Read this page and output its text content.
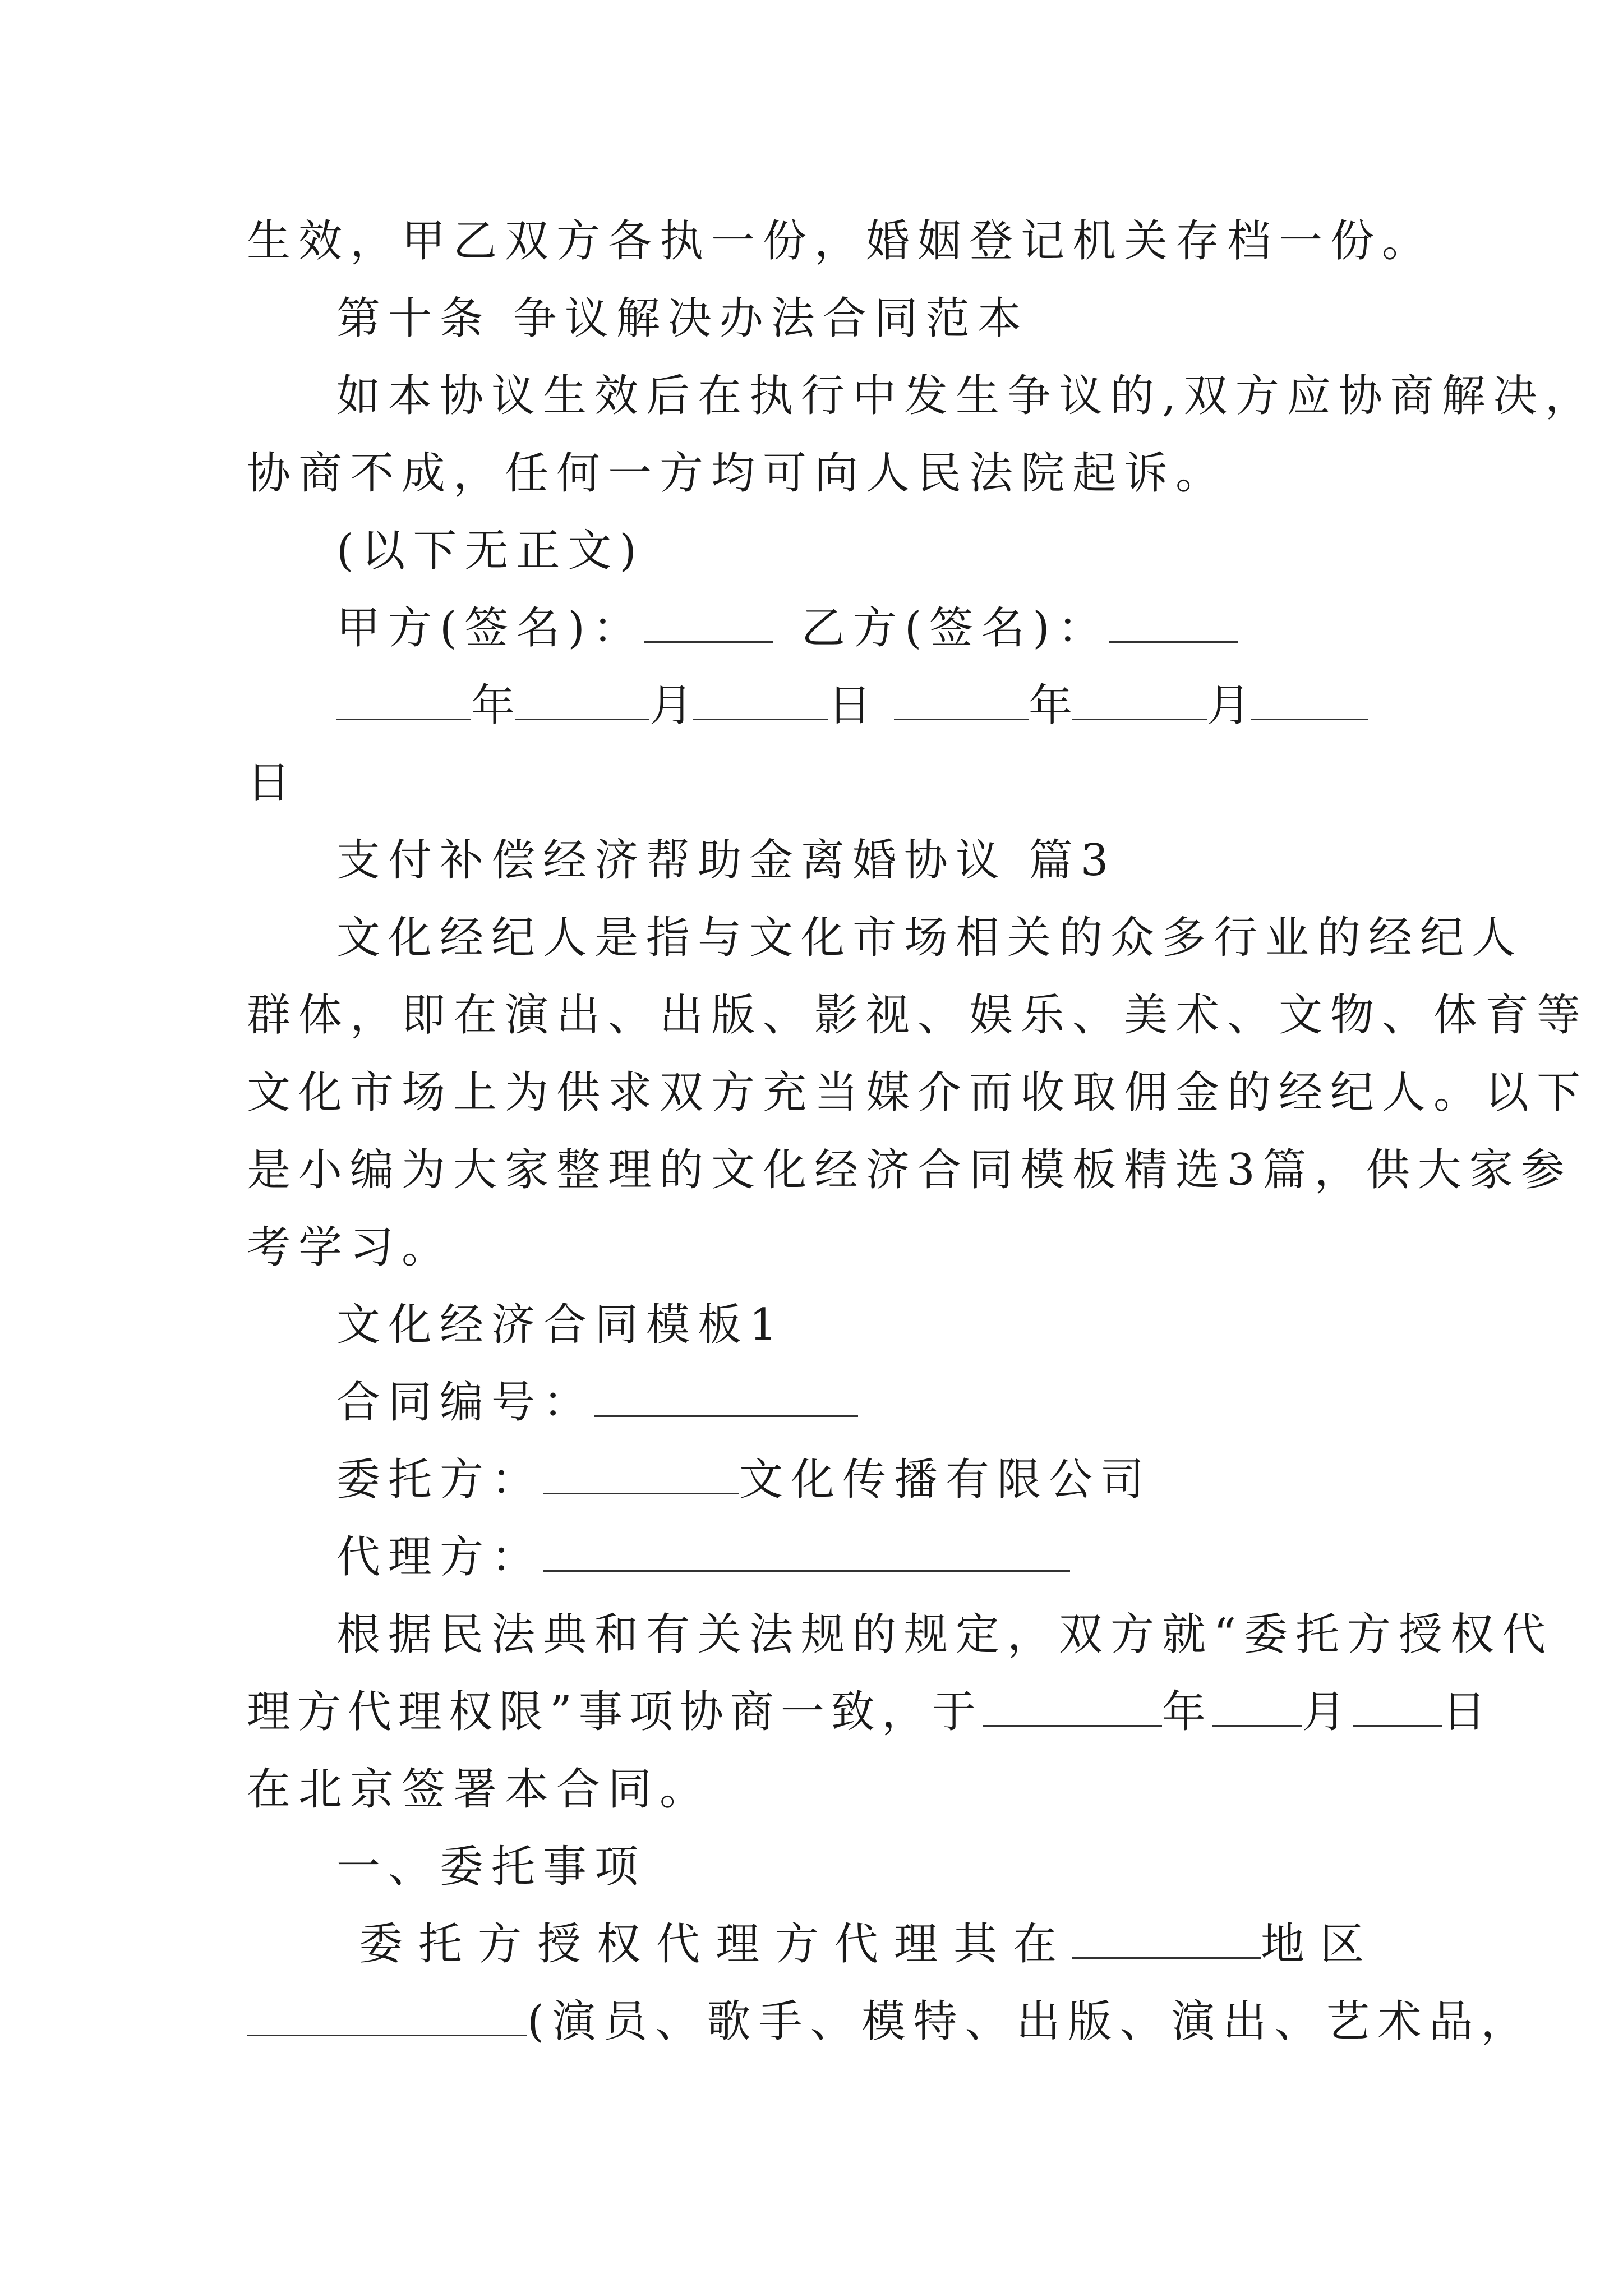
生效，甲乙双方各执一份，婚姻登记机关存档一份。
第十条 争议解决办法合同范本
如本协议生效后在执行中发生争议的,双方应协商解决，
协商不成，任何一方均可向人民法院起诉。
(以下无正文)
甲方(签名)：	乙方(签名)：
年	月	日	年	月
日
支付补偿经济帮助金离婚协议 篇3
文化经纪人是指与文化市场相关的众多行业的经纪人
群体，即在演出、出版、影视、娱乐、美术、文物、体育等
文化市场上为供求双方充当媒介而收取佣金的经纪人。以下
是小编为大家整理的文化经济合同模板精选3篇，供大家参
考学习。
文化经济合同模板1
合同编号：
委托方：	文化传播有限公司
代理方：
根据民法典和有关法规的规定，双方就“委托方授权代
理方代理权限”事项协商一致，于	年 月 日
在北京签署本合同。
一、委托事项
委托方授权代理方代理其在	地区
(演员、歌手、模特、出版、演出、艺术品，
